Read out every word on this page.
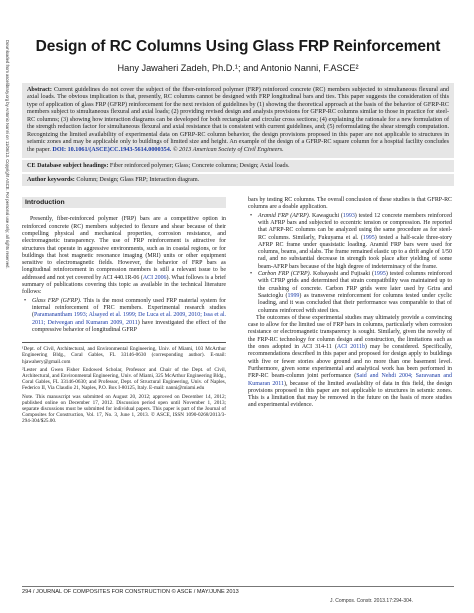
Downloaded from ascelibrary.org by Antonio Nanni on 11/06/13. Copyright ASCE. For personal use only; all rights reserved.	Design of RC Columns Using Glass FRP Reinforcement
Hany Jawaheri Zadeh, Ph.D.¹; and Antonio Nanni, F.ASCE²
Abstract: Current guidelines do not cover the subject of the fiber-reinforced polymer (FRP) reinforced concrete (RC) members subjected to simultaneous flexural and axial loads. The obvious implication is that, presently, RC columns cannot be designed with FRP longitudinal bars and ties. This paper suggests the consideration of this type of application of glass FRP (GFRP) reinforcement for the next revision of guidelines by (1) showing the theoretical approach at the basis of the behavior of GFRP-RC members subject to simultaneous flexural and axial loads; (2) providing revised design and analysis provisions for GFRP-RC columns similar to those in practice for steel-RC columns; (3) showing how interaction diagrams can be developed for both rectangular and circular cross sections; (4) explaining the rationale for a new formulation of the strength reduction factor for simultaneous flexural and axial resistance that is consistent with current guidelines, and; (5) reformulating the shear strength computation. Recognizing the limited availability of experimental data on GFRP-RC column behavior, the design provisions proposed in this paper are not applicable to structures in seismic zones and may be applicable only to buildings of limited size and height. An example of the design of a GFRP-RC square column for a hospital facility concludes the paper. DOI: 10.1061/(ASCE)CC.1943-5614.0000354. © 2013 American Society of Civil Engineers.
CE Database subject headings: Fiber reinforced polymer; Glass; Concrete columns; Design; Axial loads.
Author keywords: Column; Design; Glass FRP; Interaction diagram.
Introduction

Presently, fiber-reinforced polymer (FRP) bars are a competitive option in reinforced concrete (RC) members subjected to flexure and shear because of their compelling physical and mechanical properties, corrosion resistance, and electromagnetic transparency. The use of FRP reinforcement is attractive for structures that operate in aggressive environments, such as in coastal regions, or for buildings that host magnetic resonance imaging (MRI) units or other equipment sensitive to electromagnetic fields. However, the behavior of FRP bars as longitudinal reinforcement in compression members is still a relevant issue to be addressed and not yet covered by ACI 440.1R-06 (ACI 2006). What follows is a brief summary of publications covering this topic as available in the technical literature follows:

• Glass FRP (GFRP). This is the most commonly used FRP material system for internal reinforcement of FRC members. Experimental research studies (Paramanantham 1993; Alsayed et al. 1999; De Luca et al. 2009, 2010; Issa et al. 2011; Deiveegan and Kumaran 2009, 2011) have investigated the effect of the compressive behavior of longitudinal GFRP

¹Dept. of Civil, Architectural, and Environmental Engineering, Univ. of Miami, 103 McArthur Engineering Bldg., Coral Gables, FL 33146-0630 (corresponding author). E-mail: hjawahery@gmail.com

²Lester and Gwen Fisher Endowed Scholar, Professor and Chair of the Dept. of Civil, Architectural, and Environmental Engineering, Univ. of Miami, 325 McArthur Engineering Bldg., Coral Gables, FL 33146-0630; and Professor, Dept. of Structural Engineering, Univ. of Naples, Federico II, Via Claudio 21, Naples, P.O. Box I-80125, Italy. E-mail: nanni@miami.edu

Note. This manuscript was submitted on August 20, 2012; approved on December 14, 2012; published online on December 17, 2012. Discussion period open until November 1, 2013; separate discussions must be submitted for individual papers. This paper is part of the Journal of Composites for Construction, Vol. 17, No. 3, June 1, 2013. © ASCE, ISSN 1090-0268/2013/3-294-304/$25.00.

bars by testing RC columns. The overall conclusion of these studies is that GFRP-RC columns are a doable application.

• Aramid FRP (AFRP). Kawaguchi (1993) tested 12 concrete members reinforced with AFRP bars and subjected to eccentric tension or compression. He reported that AFRP-RC columns can be analyzed using the same procedure as for steel-RC columns. Similarly, Fukuyama et al. (1995) tested a half-scale three-story AFRP RC frame under quasistatic loading. Aramid FRP bars were used for columns, beams, and slabs. The frame remained elastic up to a drift angle of 1/50 rad, and no substantial decrease in strength took place after yielding of some beam-AFRP bars because of the high degree of indeterminacy of the frame.
• Carbon FRP (CFRP). Kobayashi and Fujisaki (1995) tested columns reinforced with CFRP grids and determined that strain compatibility was maintained up to the crushing of concrete. Carbon FRP grids were later used by Grira and Saatcioglu (1999) as transverse reinforcement for columns tested under cyclic loading, and it was concluded that their performance was comparable to that of columns reinforced with steel ties.

The outcomes of these experimental studies may ultimately provide a convincing case to allow for the limited use of FRP bars in columns, particularly when corrosion resistance or electromagnetic transparency is sought. Similarly, given the novelty of the FRP-RC technology for column design and construction, the limitations such as the ones adopted in ACI 314-11 (ACI 2011b) may be considered. Specifically, recommendations described in this paper and proposed for design apply to buildings with five or fewer stories above ground and no more than one basement level. Furthermore, given some experimental and analytical work has been performed in FRP-RC beam-column joint performance (Said and Nehdi 2004; Saravanan and Kumaran 2011), because of the limited availability of data in this field, the design provisions proposed in this paper are not applicable to structures in seismic zones. This is a limitation that may be removed in the future on the basis of more studies and experimental evidence.

294 / JOURNAL OF COMPOSITES FOR CONSTRUCTION © ASCE / MAY/JUNE 2013
J. Compos. Constr. 2013.17:294-304.
